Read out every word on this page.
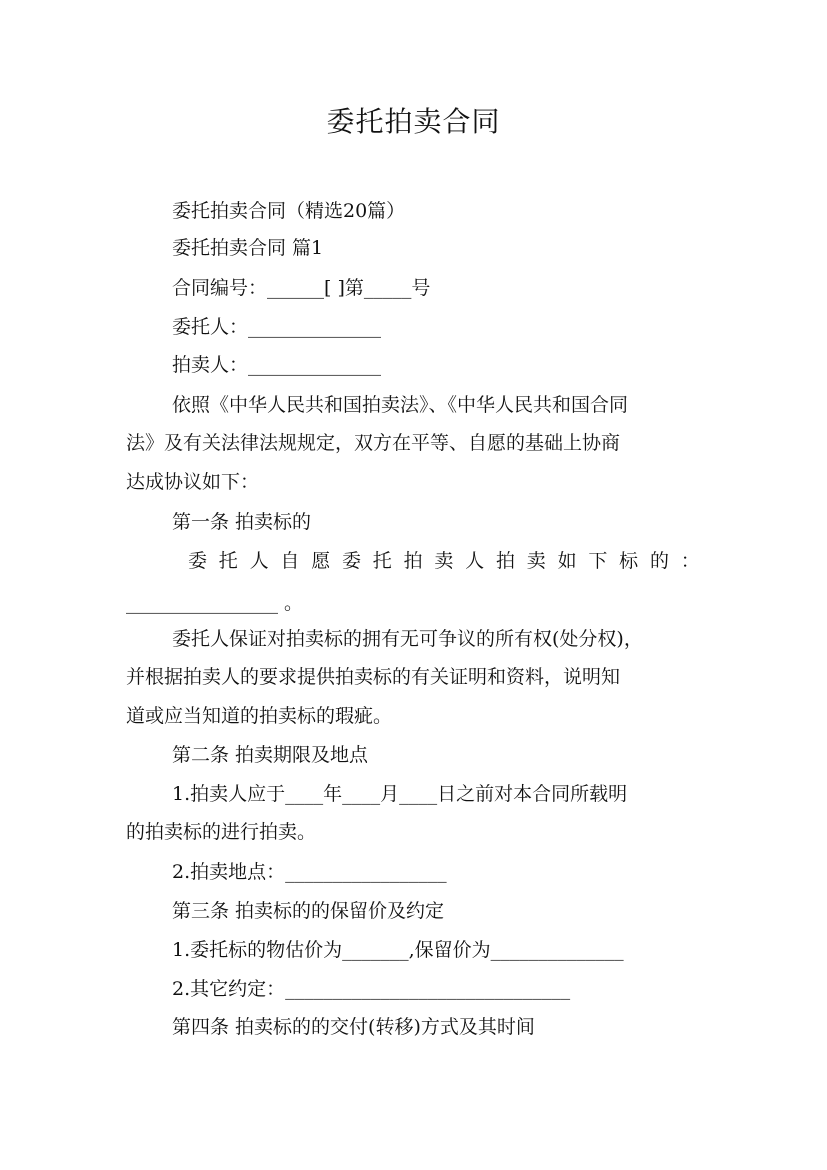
委托拍卖合同
委托拍卖合同（精选20篇）
委托拍卖合同 篇1
合同编号：______[ ]第_____号
委托人：______________
拍卖人：______________
依照《中华人民共和国拍卖法》、《中华人民共和国合同
法》及有关法律法规规定，双方在平等、自愿的基础上协商
达成协议如下：
第一条 拍卖标的
委 托 人 自 愿 委 托 拍 卖 人 拍 卖 如 下 标 的 ：
________________ 。
委托人保证对拍卖标的拥有无可争议的所有权(处分权)，
并根据拍卖人的要求提供拍卖标的有关证明和资料，说明知
道或应当知道的拍卖标的瑕疵。
第二条 拍卖期限及地点
1.拍卖人应于____年____月____日之前对本合同所载明
的拍卖标的进行拍卖。
2.拍卖地点：_________________
第三条 拍卖标的的保留价及约定
1.委托标的物估价为_______,保留价为______________
2.其它约定：______________________________
第四条 拍卖标的的交付(转移)方式及其时间
